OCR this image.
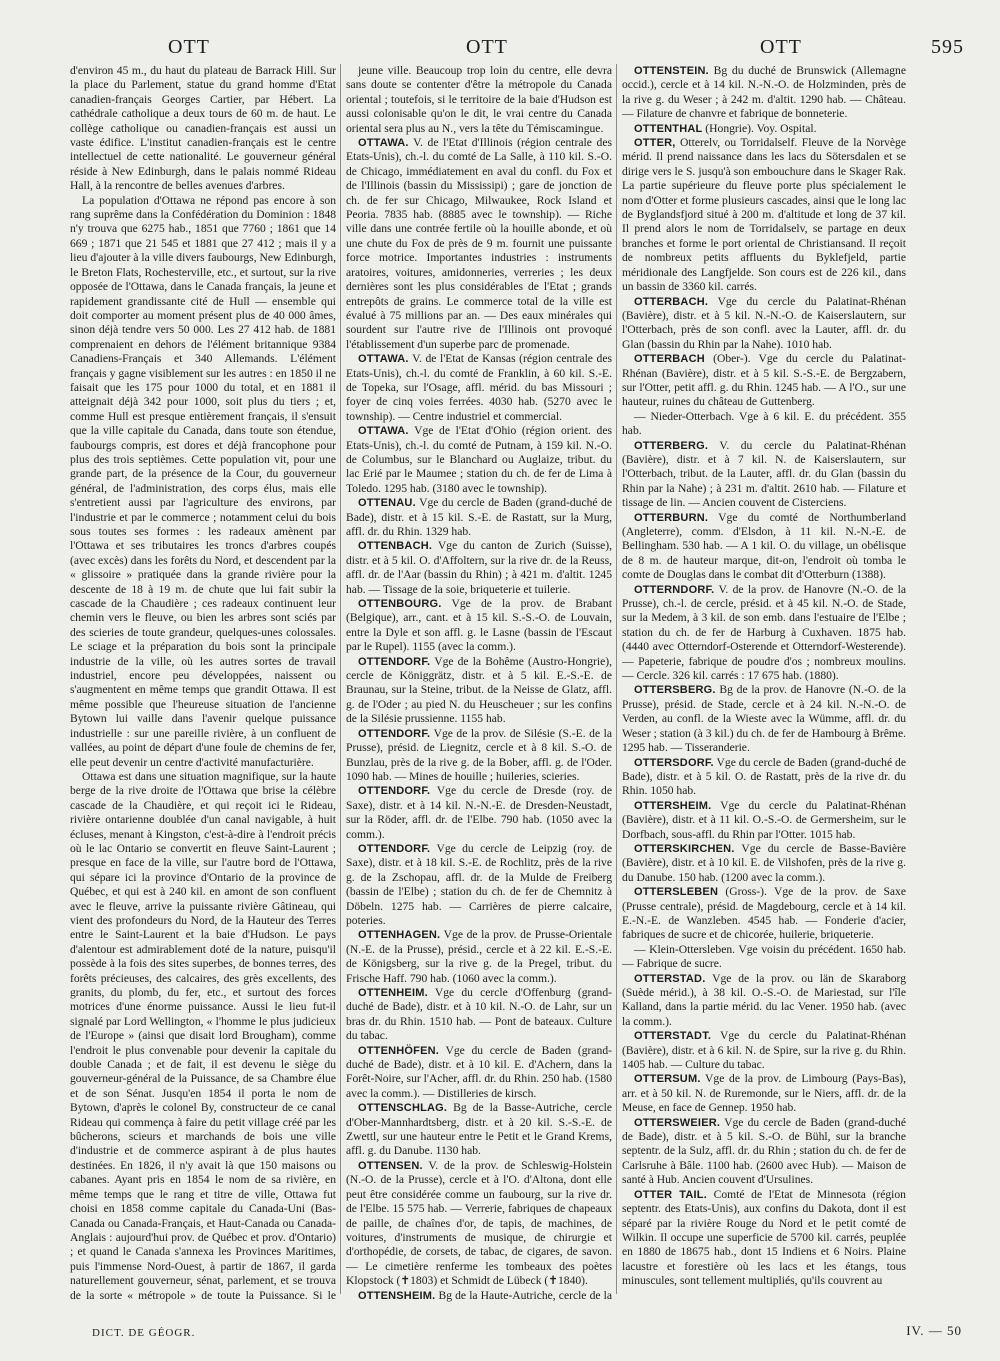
OTT	OTT	OTT	595

d'environ 45 m., du haut du plateau de Barrack Hill. Sur la place du Parlement, statue du grand homme d'Etat canadien-français Georges Cartier, par Hébert. La cathédrale catholique a deux tours de 60 m. de haut. Le collège catholique ou canadien-français est aussi un vaste édifice. L'institut canadien-français est le centre intellectuel de cette nationalité. Le gouverneur général réside à New Edinburgh, dans le palais nommé Rideau Hall, à la rencontre de belles avenues d'arbres.

La population d'Ottawa ne répond pas encore à son rang suprême dans la Confédération du Dominion : 1848 n'y trouva que 6275 hab., 1851 que 7760 ; 1861 que 14 669 ; 1871 que 21 545 et 1881 que 27 412 ; mais il y a lieu d'ajouter à la ville divers faubourgs, New Edinburgh, le Breton Flats, Rochesterville, etc., et surtout, sur la rive opposée de l'Ottawa, dans le Canada français, la jeune et rapidement grandissante cité de Hull — ensemble qui doit comporter au moment présent plus de 40 000 âmes, sinon déjà tendre vers 50 000. Les 27 412 hab. de 1881 comprenaient en dehors de l'élément britannique 9384 Canadiens-Français et 340 Allemands. L'élément français y gagne visiblement sur les autres : en 1850 il ne faisait que les 175 pour 1000 du total, et en 1881 il atteignait déjà 342 pour 1000, soit plus du tiers ; et, comme Hull est presque entièrement français, il s'ensuit que la ville capitale du Canada, dans toute son étendue, faubourgs compris, est dores et déjà francophone pour plus des trois septièmes. Cette population vit, pour une grande part, de la présence de la Cour, du gouverneur général, de l'administration, des corps élus, mais elle s'entretient aussi par l'agriculture des environs, par l'industrie et par le commerce ; notamment celui du bois sous toutes ses formes : les radeaux amènent par l'Ottawa et ses tributaires les troncs d'arbres coupés (avec excès) dans les forêts du Nord, et descendent par la « glissoire » pratiquée dans la grande rivière pour la descente de 18 à 19 m. de chute que lui fait subir la cascade de la Chaudière ; ces radeaux continuent leur chemin vers le fleuve, ou bien les arbres sont sciés par des scieries de toute grandeur, quelques-unes colossales. Le sciage et la préparation du bois sont la principale industrie de la ville, où les autres sortes de travail industriel, encore peu développées, naissent ou s'augmentent en même temps que grandit Ottawa. Il est même possible que l'heureuse situation de l'ancienne Bytown lui vaille dans l'avenir quelque puissance industrielle : sur une pareille rivière, à un confluent de vallées, au point de départ d'une foule de chemins de fer, elle peut devenir un centre d'activité manufacturière.

Ottawa est dans une situation magnifique, sur la haute berge de la rive droite de l'Ottawa que brise la célèbre cascade de la Chaudière, et qui reçoit ici le Rideau, rivière ontarienne doublée d'un canal navigable, à huit écluses, menant à Kingston, c'est-à-dire à l'endroit précis où le lac Ontario se convertit en fleuve Saint-Laurent ; presque en face de la ville, sur l'autre bord de l'Ottawa, qui sépare ici la province d'Ontario de la province de Québec, et qui est à 240 kil. en amont de son confluent avec le fleuve, arrive la puissante rivière Gâtineau, qui vient des profondeurs du Nord, de la Hauteur des Terres entre le Saint-Laurent et la baie d'Hudson. Le pays d'alentour est admirablement doté de la nature, puisqu'il possède à la fois des sites superbes, de bonnes terres, des forêts précieuses, des calcaires, des grès excellents, des granits, du plomb, du fer, etc., et surtout des forces motrices d'une énorme puissance. Aussi le lieu fut-il signalé par Lord Wellington, « l'homme le plus judicieux de l'Europe » (ainsi que disait lord Brougham), comme l'endroit le plus convenable pour devenir la capitale du double Canada ; et de fait, il est devenu le siège du gouverneur-général de la Puissance, de sa Chambre élue et de son Sénat. Jusqu'en 1854 il porta le nom de Bytown, d'après le colonel By, constructeur de ce canal Rideau qui commença à faire du petit village créé par les bûcherons, scieurs et marchands de bois une ville d'industrie et de commerce aspirant à de plus hautes destinées. En 1826, il n'y avait là que 150 maisons ou cabanes. Ayant pris en 1854 le nom de sa rivière, en même temps que le rang et titre de ville, Ottawa fut choisi en 1858 comme capitale du Canada-Uni (Bas-Canada ou Canada-Français, et Haut-Canada ou Canada-Anglais : aujourd'hui prov. de Québec et prov. d'Ontario) ; et quand le Canada s'annexa les Provinces Maritimes, puis l'immense Nord-Ouest, à partir de 1867, il garda naturellement gouverneur, sénat, parlement, et se trouva de la sorte « métropole » de toute la Puissance. Si le

jeune ville. Beaucoup trop loin du centre, elle devra sans doute se contenter d'être la métropole du Canada oriental ; toutefois, si le territoire de la baie d'Hudson est aussi colonisable qu'on le dit, le vrai centre du Canada oriental sera plus au N., vers la tête du Témiscamingue.

OTTAWA. V. de l'Etat d'Illinois (région centrale des Etats-Unis), ch.-l. du comté de La Salle, à 110 kil. S.-O. de Chicago, immédiatement en aval du confl. du Fox et de l'Illinois (bassin du Mississipi) ; gare de jonction de ch. de fer sur Chicago, Milwaukee, Rock Island et Peoria. 7835 hab. (8885 avec le township). — Riche ville dans une contrée fertile où la houille abonde, et où une chute du Fox de près de 9 m. fournit une puissante force motrice. Importantes industries : instruments aratoires, voitures, amidonneries, verreries ; les deux dernières sont les plus considérables de l'Etat ; grands entrepôts de grains. Le commerce total de la ville est évalué à 75 millions par an. — Des eaux minérales qui sourdent sur l'autre rive de l'Illinois ont provoqué l'établissement d'un superbe parc de promenade.

OTTAWA. V. de l'Etat de Kansas (région centrale des Etats-Unis), ch.-l. du comté de Franklin, à 60 kil. S.-E. de Topeka, sur l'Osage, affl. mérid. du bas Missouri ; foyer de cinq voies ferrées. 4030 hab. (5270 avec le township). — Centre industriel et commercial.

OTTAWA. Vge de l'Etat d'Ohio (région orient. des Etats-Unis), ch.-l. du comté de Putnam, à 159 kil. N.-O. de Columbus, sur le Blanchard ou Auglaize, tribut. du lac Erié par le Maumee ; station du ch. de fer de Lima à Toledo. 1295 hab. (3180 avec le township).

OTTENAU. Vge du cercle de Baden (grand-duché de Bade), distr. et à 15 kil. S.-E. de Rastatt, sur la Murg, affl. dr. du Rhin. 1329 hab.

OTTENBACH. Vge du canton de Zurich (Suisse), distr. et à 5 kil. O. d'Affoltern, sur la rive dr. de la Reuss, affl. dr. de l'Aar (bassin du Rhin) ; à 421 m. d'altit. 1245 hab. — Tissage de la soie, briqueterie et tuilerie.

OTTENBOURG. Vge de la prov. de Brabant (Belgique), arr., cant. et à 15 kil. S.-S.-O. de Louvain, entre la Dyle et son affl. g. le Lasne (bassin de l'Escaut par le Rupel). 1155 (avec la comm.).

OTTENDORF. Vge de la Bohême (Austro-Hongrie), cercle de Königgrätz, distr. et à 5 kil. E.-S.-E. de Braunau, sur la Steine, tribut. de la Neisse de Glatz, affl. g. de l'Oder ; au pied N. du Heuscheuer ; sur les confins de la Silésie prussienne. 1155 hab.

OTTENDORF. Vge de la prov. de Silésie (S.-E. de la Prusse), présid. de Liegnitz, cercle et à 8 kil. S.-O. de Bunzlau, près de la rive g. de la Bober, affl. g. de l'Oder. 1090 hab. — Mines de houille ; huileries, scieries.

OTTENDORF. Vge du cercle de Dresde (roy. de Saxe), distr. et à 14 kil. N.-N.-E. de Dresden-Neustadt, sur la Röder, affl. dr. de l'Elbe. 790 hab. (1050 avec la comm.).

OTTENDORF. Vge du cercle de Leipzig (roy. de Saxe), distr. et à 18 kil. S.-E. de Rochlitz, près de la rive g. de la Zschopau, affl. dr. de la Mulde de Freiberg (bassin de l'Elbe) ; station du ch. de fer de Chemnitz à Döbeln. 1275 hab. — Carrières de pierre calcaire, poteries.

OTTENHAGEN. Vge de la prov. de Prusse-Orientale (N.-E. de la Prusse), présid., cercle et à 22 kil. E.-S.-E. de Königsberg, sur la rive g. de la Pregel, tribut. du Frische Haff. 790 hab. (1060 avec la comm.).

OTTENHEIM. Vge du cercle d'Offenburg (grand-duché de Bade), distr. et à 10 kil. N.-O. de Lahr, sur un bras dr. du Rhin. 1510 hab. — Pont de bateaux. Culture du tabac.

OTTENHÖFEN. Vge du cercle de Baden (grand-duché de Bade), distr. et à 10 kil. E. d'Achern, dans la Forêt-Noire, sur l'Acher, affl. dr. du Rhin. 250 hab. (1580 avec la comm.). — Distilleries de kirsch.

OTTENSCHLAG. Bg de la Basse-Autriche, cercle d'Ober-Mannhardtsberg, distr. et à 20 kil. S.-S.-E. de Zwettl, sur une hauteur entre le Petit et le Grand Krems, affl. g. du Danube. 1130 hab.

OTTENSEN. V. de la prov. de Schleswig-Holstein (N.-O. de la Prusse), cercle et à l'O. d'Altona, dont elle peut être considérée comme un faubourg, sur la rive dr. de l'Elbe. 15 575 hab. — Verrerie, fabriques de chapeaux de paille, de chaînes d'or, de tapis, de machines, de voitures, d'instruments de musique, de chirurgie et d'orthopédie, de corsets, de tabac, de cigares, de savon. — Le cimetière renferme les tombeaux des poètes Klopstock (✝1803) et Schmidt de Lübeck (✝1840).

OTTENSHEIM. Bg de la Haute-Autriche, cercle de la

OTTENSTEIN. Bg du duché de Brunswick (Allemagne occid.), cercle et à 14 kil. N.-N.-O. de Holzminden, près de la rive g. du Weser ; à 242 m. d'altit. 1290 hab. — Château. — Filature de chanvre et fabrique de bonneterie.

OTTENTHAL (Hongrie). Voy. Ospital.

OTTER, Otterelv, ou Torridalself. Fleuve de la Norvège mérid. Il prend naissance dans les lacs du Sötersdalen et se dirige vers le S. jusqu'à son embouchure dans le Skager Rak. La partie supérieure du fleuve porte plus spécialement le nom d'Otter et forme plusieurs cascades, ainsi que le long lac de Byglandsfjord situé à 200 m. d'altitude et long de 37 kil. Il prend alors le nom de Torridalselv, se partage en deux branches et forme le port oriental de Christiansand. Il reçoit de nombreux petits affluents du Byklefjeld, partie méridionale des Langfjelde. Son cours est de 226 kil., dans un bassin de 3360 kil. carrés.

OTTERBACH. Vge du cercle du Palatinat-Rhénan (Bavière), distr. et à 5 kil. N.-N.-O. de Kaiserslautern, sur l'Otterbach, près de son confl. avec la Lauter, affl. dr. du Glan (bassin du Rhin par la Nahe). 1010 hab.

OTTERBACH (Ober-). Vge du cercle du Palatinat-Rhénan (Bavière), distr. et à 5 kil. S.-S.-E. de Bergzabern, sur l'Otter, petit affl. g. du Rhin. 1245 hab. — A l'O., sur une hauteur, ruines du château de Guttenberg.

— Nieder-Otterbach. Vge à 6 kil. E. du précédent. 355 hab.

OTTERBERG. V. du cercle du Palatinat-Rhénan (Bavière), distr. et à 7 kil. N. de Kaiserslautern, sur l'Otterbach, tribut. de la Lauter, affl. dr. du Glan (bassin du Rhin par la Nahe) ; à 231 m. d'altit. 2610 hab. — Filature et tissage de lin. — Ancien couvent de Cisterciens.

OTTERBURN. Vge du comté de Northumberland (Angleterre), comm. d'Elsdon, à 11 kil. N.-N.-E. de Bellingham. 530 hab. — A 1 kil. O. du village, un obélisque de 8 m. de hauteur marque, dit-on, l'endroit où tomba le comte de Douglas dans le combat dit d'Otterburn (1388).

OTTERNDORF. V. de la prov. de Hanovre (N.-O. de la Prusse), ch.-l. de cercle, présid. et à 45 kil. N.-O. de Stade, sur la Medem, à 3 kil. de son emb. dans l'estuaire de l'Elbe ; station du ch. de fer de Harburg à Cuxhaven. 1875 hab. (4440 avec Otterndorf-Osterende et Otterndorf-Westerende). — Papeterie, fabrique de poudre d'os ; nombreux moulins. — Cercle. 326 kil. carrés : 17 675 hab. (1880).

OTTERSBERG. Bg de la prov. de Hanovre (N.-O. de la Prusse), présid. de Stade, cercle et à 24 kil. N.-N.-O. de Verden, au confl. de la Wieste avec la Wümme, affl. dr. du Weser ; station (à 3 kil.) du ch. de fer de Hambourg à Brême. 1295 hab. — Tisseranderie.

OTTERSDORF. Vge du cercle de Baden (grand-duché de Bade), distr. et à 5 kil. O. de Rastatt, près de la rive dr. du Rhin. 1050 hab.

OTTERSHEIM. Vge du cercle du Palatinat-Rhénan (Bavière), distr. et à 11 kil. O.-S.-O. de Germersheim, sur le Dorfbach, sous-affl. du Rhin par l'Otter. 1015 hab.

OTTERSKIRCHEN. Vge du cercle de Basse-Bavière (Bavière), distr. et à 10 kil. E. de Vilshofen, près de la rive g. du Danube. 150 hab. (1200 avec la comm.).

OTTERSLEBEN (Gross-). Vge de la prov. de Saxe (Prusse centrale), présid. de Magdebourg, cercle et à 14 kil. E.-N.-E. de Wanzleben. 4545 hab. — Fonderie d'acier, fabriques de sucre et de chicorée, huilerie, briqueterie.

— Klein-Ottersleben. Vge voisin du précédent. 1650 hab. — Fabrique de sucre.

OTTERSTAD. Vge de la prov. ou län de Skaraborg (Suède mérid.), à 38 kil. O.-S.-O. de Mariestad, sur l'île Kalland, dans la partie mérid. du lac Vener. 1950 hab. (avec la comm.).

OTTERSTADT. Vge du cercle du Palatinat-Rhénan (Bavière), distr. et à 6 kil. N. de Spire, sur la rive g. du Rhin. 1405 hab. — Culture du tabac.

OTTERSUM. Vge de la prov. de Limbourg (Pays-Bas), arr. et à 50 kil. N. de Ruremonde, sur le Niers, affl. dr. de la Meuse, en face de Gennep. 1950 hab.

OTTERSWEIER. Vge du cercle de Baden (grand-duché de Bade), distr. et à 5 kil. S.-O. de Bühl, sur la branche septentr. de la Sulz, affl. dr. du Rhin ; station du ch. de fer de Carlsruhe à Bâle. 1100 hab. (2600 avec Hub). — Maison de santé à Hub. Ancien couvent d'Ursulines.

OTTER TAIL. Comté de l'Etat de Minnesota (région septentr. des Etats-Unis), aux confins du Dakota, dont il est séparé par la rivière Rouge du Nord et le petit comté de Wilkin. Il occupe une superficie de 5700 kil. carrés, peuplée en 1880 de 18675 hab., dont 15 Indiens et 6 Noirs. Plaine lacustre et forestière où les lacs et les étangs, tous minuscules, sont tellement multipliés, qu'ils couvrent au

DICT. DE GÉOGR.	IV. — 50
